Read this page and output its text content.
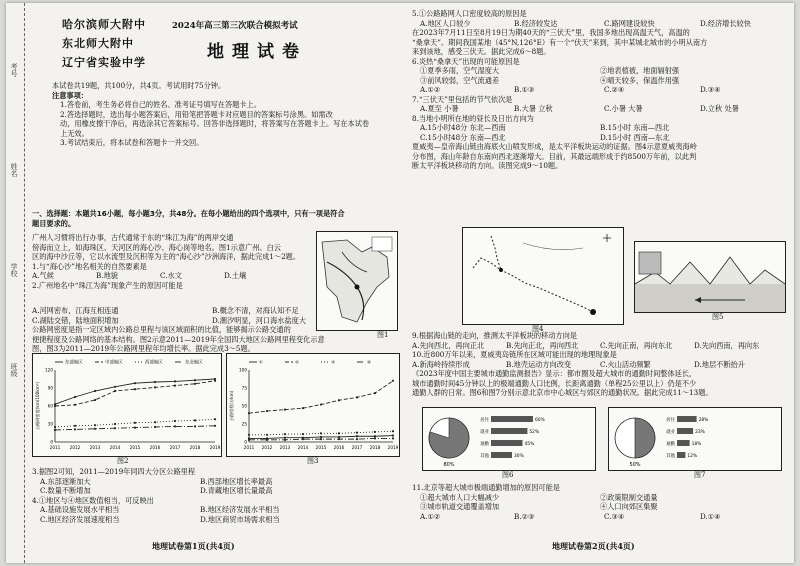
考号
姓名
学校
班级
哈尔滨师大附中
东北师大附中
辽宁省实验中学
2024年高三第三次联合模拟考试
地理试卷
本试卷共19题，共100分，共4页。考试用时75分钟。
注意事项：
1.答卷前，考生务必将自己的姓名、准考证号填写在答题卡上。
2.答选择题时，选出每小题答案后，用铅笔把答题卡对应题目的答案标号涂黑。如需改
动，用橡皮擦干净后，再选涂其它答案标号。回答非选择题时，将答案写在答题卡上。写在本试卷
上无效。
3.考试结束后，将本试卷和答题卡一并交回。
一、选择题：本题共16小题，每小题3分，共48分。在每小题给出的四个选项中，只有一项是符合
题目要求的。
广州人习惯将出行办事，古代通常于东的“珠江为海”的两岸交通
傍海而立上，如海珠区、天河区的海心沙、海心岗等地名。图1示意广州、白云
区的海中沙丘等，它以水流型及沉积等为主的“海心沙”沙洲海洋，据此完成1～2题。
1.与“海心沙”地名相关的自然要素是
A.气候	B.地貌	C.水文	D.土壤
2.广州地名中“珠江为海”现象产生的原因可能是
A.河网密布，江海互相连通	B.概念不清，对海认知不足
C.湖陆交错，陆地面积增加	D.潮汐明显，河口海水盐度大
公路网密度是指一定区域内公路总里程与该区域面积的比值，能够揭示公路交通的
便捷程度及公路网络的基本结构。图2示意2011—2019年全国四大地区公路网里程变化示意
图，图3为2011—2019年公路网里程年均增长率。据此完成3～5题。
图1
2011 2012 2013 2014 2015 2016 2017 2018 2019
0
30
60
90
120
公路网密度(km/100km²)
东部地区	中部地区	西部地区	东北地区
图2
2011 2012 2013 2014 2015 2016 2017 2018 2019
0
25
50
75
100
公路里程(万km)
①	②	③	④
图3
3.据图2可知，2011—2019年同四大分区公路里程
A.东部逐渐加大	B.西部地区增长率最高
C.数量不断增加	D.青藏地区增长量最高
4.①地区与④地区数值相当，可反映出
A.基础设施发展水平相当	B.地区经济发展水平相当
C.地区经济发展速度相当	D.地区商贸市场需求相当
地理试卷第1页(共4页)
5.①公路路网人口密度较高的原因是
A.地区人口较少	B.经济较发达	C.路网建设较快	D.经济增长较快
在2023年7月11日至8月19日为期40天的“三伏天”里，我国多地出现高温天气，高温的
“桑拿天”。期间我国某地（45°N,126°E）有一个“伏天”来到，其中某城北城市的小明从南方
来到该地，感受三伏天。据此完成6～8题。
6.炎热“桑拿天”出现的可能原因是
①夏季多雨，空气湿度大	②地表植被，地面辐射强
③前风较弱，空气流通差	④晴天较多，保温作用强
A.①②	B.①③	C.②④	D.③④
7.“三伏天”里包括的节气依次是
A.夏至 小暑	B.大暑 立秋	C.小暑 大暑	D.立秋 处暑
8.当地小明所在地的昼长及日出方向为
A.15小时48分 东北—西南	B.15小时 东南—西北
C.15小时48分 东南—西北	D.15小时 西南—东北
夏威夷—皇帝海山链由海底火山喷发形成，是太平洋板块运动的证据。图4示意夏威夷海岭
分布图，海山年龄自东南向西北逐渐增大。目前，其最远端形成于约8500万年前，以此判
断太平洋板块移动的方向。读图完成9～10题。
图4
图5
9.根据海山链的走向，推测太平洋板块的移动方向是
A.先向西北，再向正北	B.先向正北，再向西北	C.先向正南，再向东北	D.先向西南，再向东
10.近800万年以来，夏威夷岛链所在区域可能出现的地理现象是
A.新海岭持续形成	B.地壳运动方向改变	C.火山活动频繁	D.地层不断抬升
《2023年度中国主要城市通勤监测报告》显示：都市圈及超大城市的通勤时间整体延长，
城市通勤时间45分钟以上的极端通勤人口比例，长距离通勤（单程25公里以上）仍是不少
通勤人群的日常。图6和图7分别示意北京市中心城区与郊区的通勤状况。据此完成11～13题。
80%
居住	60%
就业	52%
通勤	45%
其他	30%
图6
50%
居住	28%
就业	23%
通勤	18%
其他	12%
图7
11.北京等超大城市极端通勤增加的原因可能是
①超大城市人口大幅减少	②政策限制交通量
③城市轨道交通覆盖增加	④人口向郊区集聚
A.①②	B.②③	C.③④	D.①④
地理试卷第2页(共4页)
